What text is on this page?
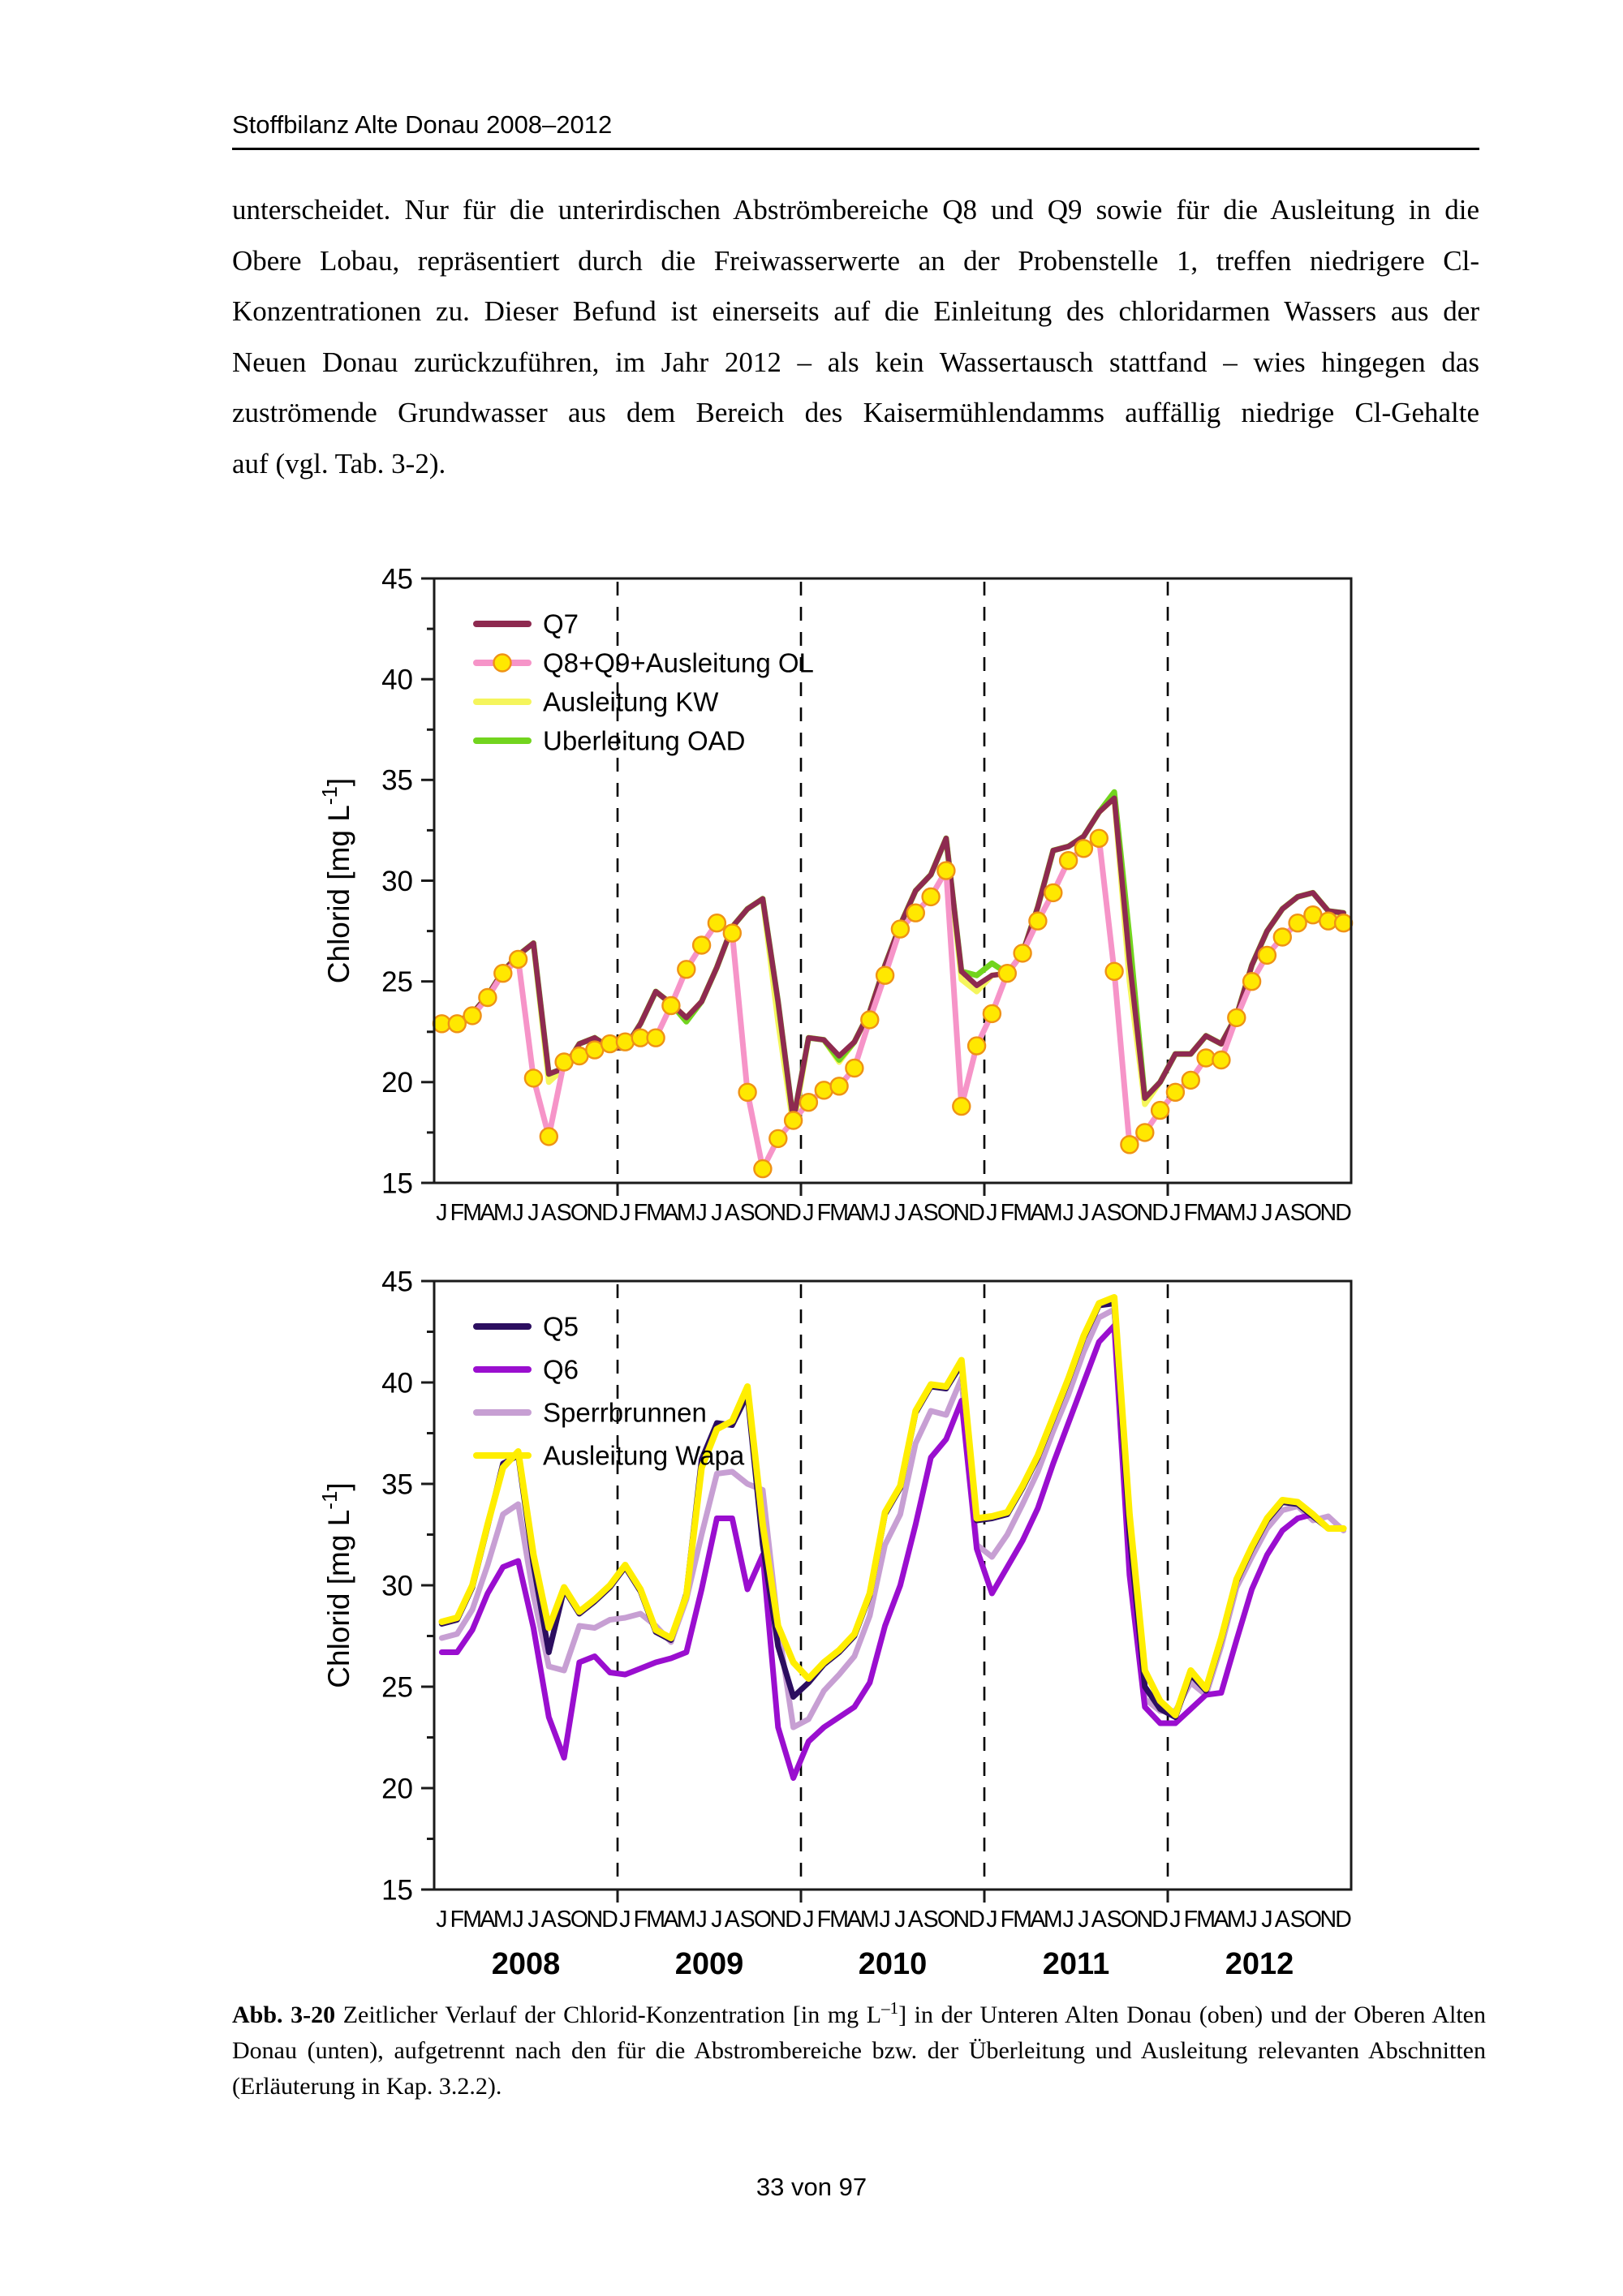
Stoffbilanz Alte Donau 2008–2012
unterscheidet. Nur für die unterirdischen Abströmbereiche Q8 und Q9 sowie für die Ausleitung in die
Obere Lobau, repräsentiert durch die Freiwasserwerte an der Probenstelle 1, treffen niedrigere Cl-
Konzentrationen zu. Dieser Befund ist einerseits auf die Einleitung des chloridarmen Wassers aus der
Neuen Donau zurückzuführen, im Jahr 2012 – als kein Wassertausch stattfand – wies hingegen das
zuströmende Grundwasser aus dem Bereich des Kaisermühlendamms auffällig niedrige Cl-Gehalte
auf (vgl. Tab. 3-2).
15
20
25
30
35
40
45
J F
M
A
M J J A S
O
N
D J F
M
A
M J J A S
O
N
D J F
M
A
M J J A S
O
N
D J F
M
A
M J J A S
O
N
D J F
M
A
M J J A S
O
N
D
Q7
Q8+Q9+Ausleitung OL
Ausleitung KW
Uberleitung OAD
Chlorid [mg $L^{-1}$]
15
20
25
30
35
40
45
J F
M
A
M J J A S
O
N
D J F
M
A
M J J A S
O
N
D J F
M
A
M J J A S
O
N
D J F
M
A
M J J A S
O
N
D J F
M
A
M J J A S
O
N
D
2008	2009	2010	2011	2012
Q5
Q6
Sperrbrunnen
Ausleitung Wapa
Chlorid [mg $L^{-1}$]
Abb. 3-20 Zeitlicher Verlauf der Chlorid-Konzentration [in mg $L^{-1}$] in der Unteren Alten Donau (oben) und der Oberen Alten Donau (unten), aufgetrennt nach den für die Abstrombereiche bzw. der Überleitung und Ausleitung relevanten Abschnitten (Erläuterung in Kap. 3.2.2).
33 von 97
